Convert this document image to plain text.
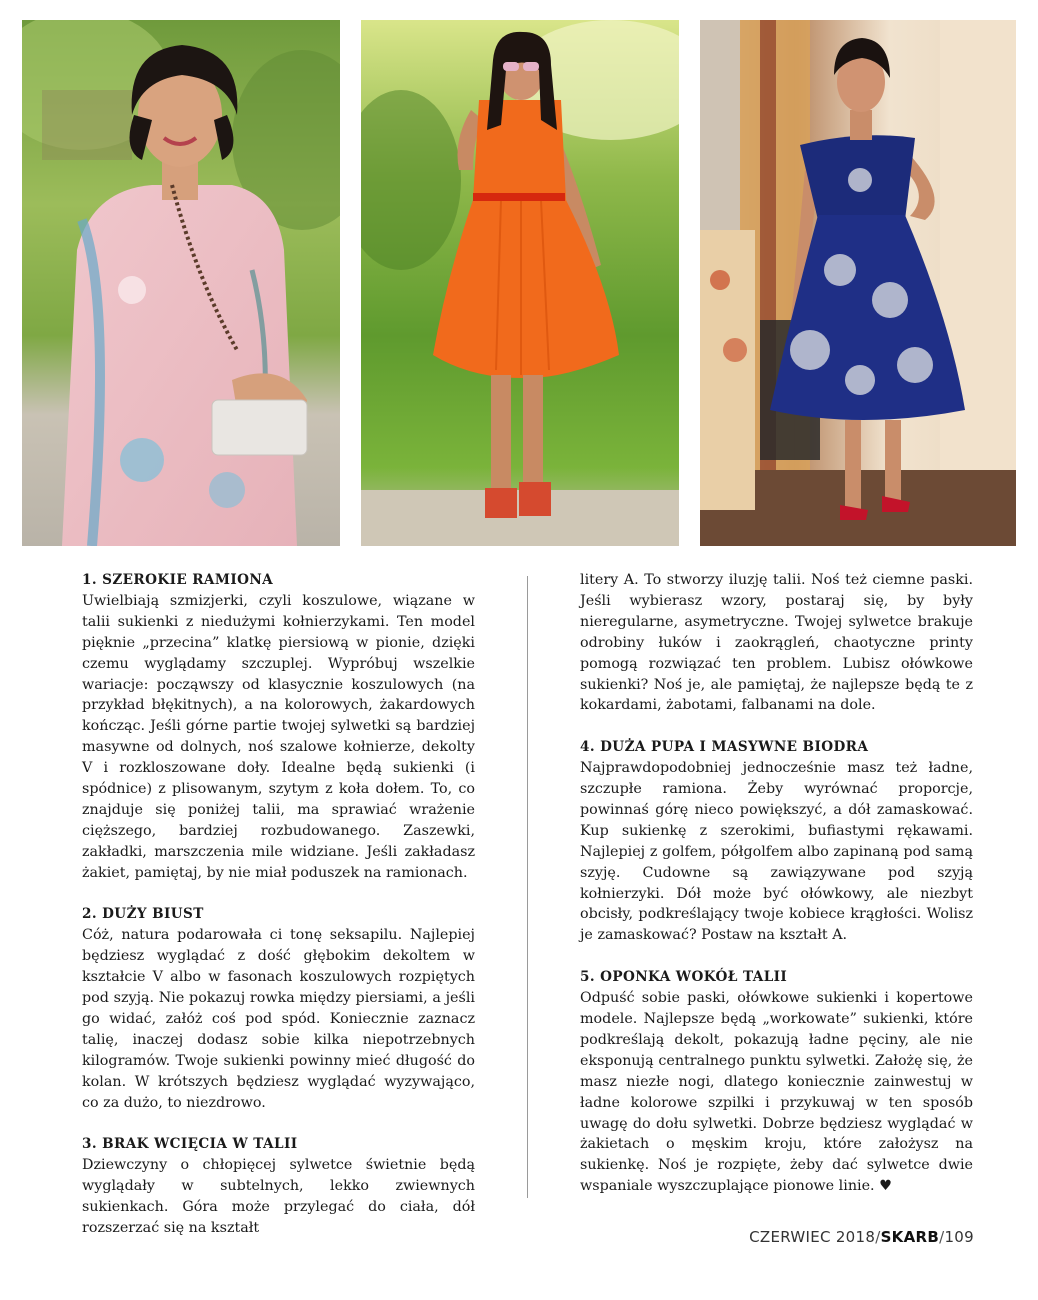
1. SZEROKIE RAMIONA

Uwielbiają szmizjerki, czyli koszulowe, wiązane w talii sukienki z niedużymi kołnierzykami. Ten model pięknie „przecina” klatkę piersiową w pionie, dzięki czemu wyglądamy szczuplej. Wypróbuj wszelkie wariacje: począwszy od klasycznie koszulowych (na przykład błękitnych), a na kolorowych, żakardowych kończąc. Jeśli górne partie twojej sylwetki są bardziej masywne od dolnych, noś szalowe kołnierze, dekolty V i rozkloszowane doły. Idealne będą sukienki (i spódnice) z plisowanym, szytym z koła dołem. To, co znajduje się poniżej talii, ma sprawiać wrażenie cięższego, bardziej rozbudowanego. Zaszewki, zakładki, marszczenia mile widziane. Jeśli zakładasz żakiet, pamiętaj, by nie miał poduszek na ramionach.

2. DUŻY BIUST

Cóż, natura podarowała ci tonę seksapilu. Najlepiej będziesz wyglądać z dość głębokim dekoltem w kształcie V albo w fasonach koszulowych rozpiętych pod szyją. Nie pokazuj rowka między piersiami, a jeśli go widać, załóż coś pod spód. Koniecznie zaznacz talię, inaczej dodasz sobie kilka niepotrzebnych kilogramów. Twoje sukienki powinny mieć długość do kolan. W krótszych będziesz wyglądać wyzywająco, co za dużo, to niezdrowo.

3. BRAK WCIĘCIA W TALII

Dziewczyny o chłopięcej sylwetce świetnie będą wyglądały w subtelnych, lekko zwiewnych sukienkach. Góra może przylegać do ciała, dół rozszerzać się na kształt

litery A. To stworzy iluzję talii. Noś też ciemne paski. Jeśli wybierasz wzory, postaraj się, by były nieregularne, asymetryczne. Twojej sylwetce brakuje odrobiny łuków i zaokrągleń, chaotyczne printy pomogą rozwiązać ten problem. Lubisz ołówkowe sukienki? Noś je, ale pamiętaj, że najlepsze będą te z kokardami, żabotami, falbanami na dole.

4. DUŻA PUPA I MASYWNE BIODRA

Najprawdopodobniej jednocześnie masz też ładne, szczupłe ramiona. Żeby wyrównać proporcje, powinnaś górę nieco powiększyć, a dół zamaskować. Kup sukienkę z szerokimi, bufiastymi rękawami. Najlepiej z golfem, półgolfem albo zapinaną pod samą szyję. Cudowne są zawiązywane pod szyją kołnierzyki. Dół może być ołówkowy, ale niezbyt obcisły, podkreślający twoje kobiece krągłości. Wolisz je zamaskować? Postaw na kształt A.

5. OPONKA WOKÓŁ TALII

Odpuść sobie paski, ołówkowe sukienki i kopertowe modele. Najlepsze będą „workowate” sukienki, które podkreślają dekolt, pokazują ładne pęciny, ale nie eksponują centralnego punktu sylwetki. Założę się, że masz niezłe nogi, dlatego koniecznie zainwestuj w ładne kolorowe szpilki i przykuwaj w ten sposób uwagę do dołu sylwetki. Dobrze będziesz wyglądać w żakietach o męskim kroju, które założysz na sukienkę. Noś je rozpięte, żeby dać sylwetce dwie wspaniale wyszczuplające pionowe linie. ♥

CZERWIEC 2018/SKARB/109
